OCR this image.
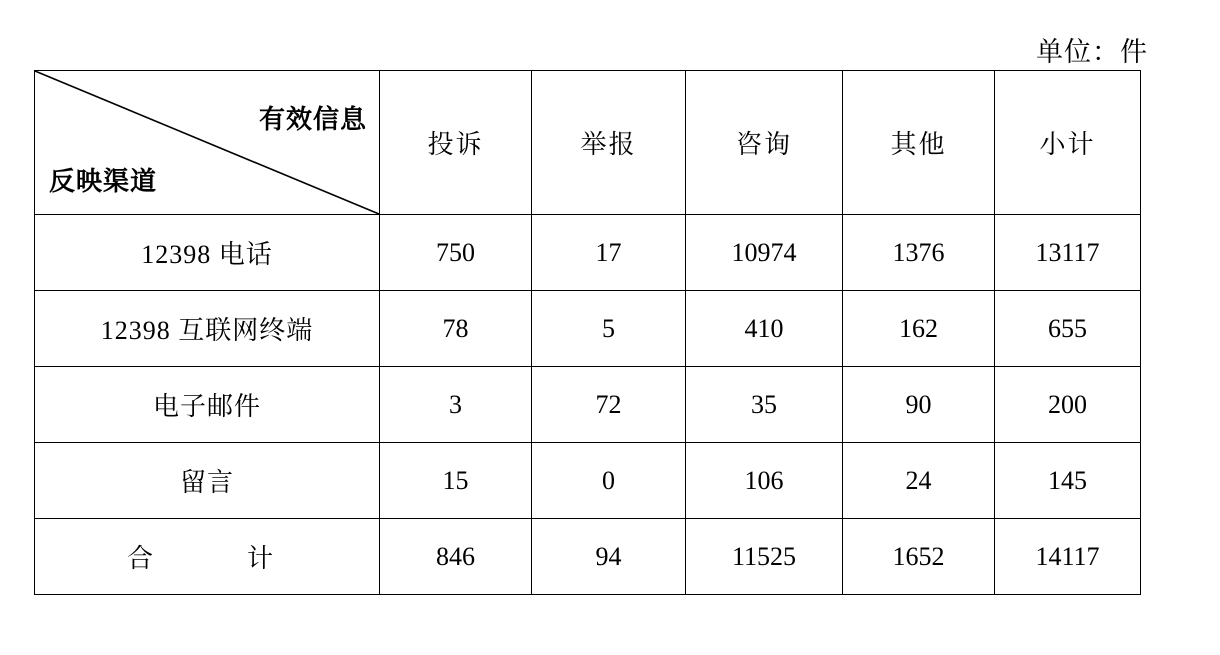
单位：件
有效信息
反映渠道	投诉	举报	咨询	其他	小计
12398 电话	750	17	10974	1376	13117
12398 互联网终端	78	5	410	162	655
电子邮件	3	72	35	90	200
留言	15	0	106	24	145
合　　计	846	94	11525	1652	14117
